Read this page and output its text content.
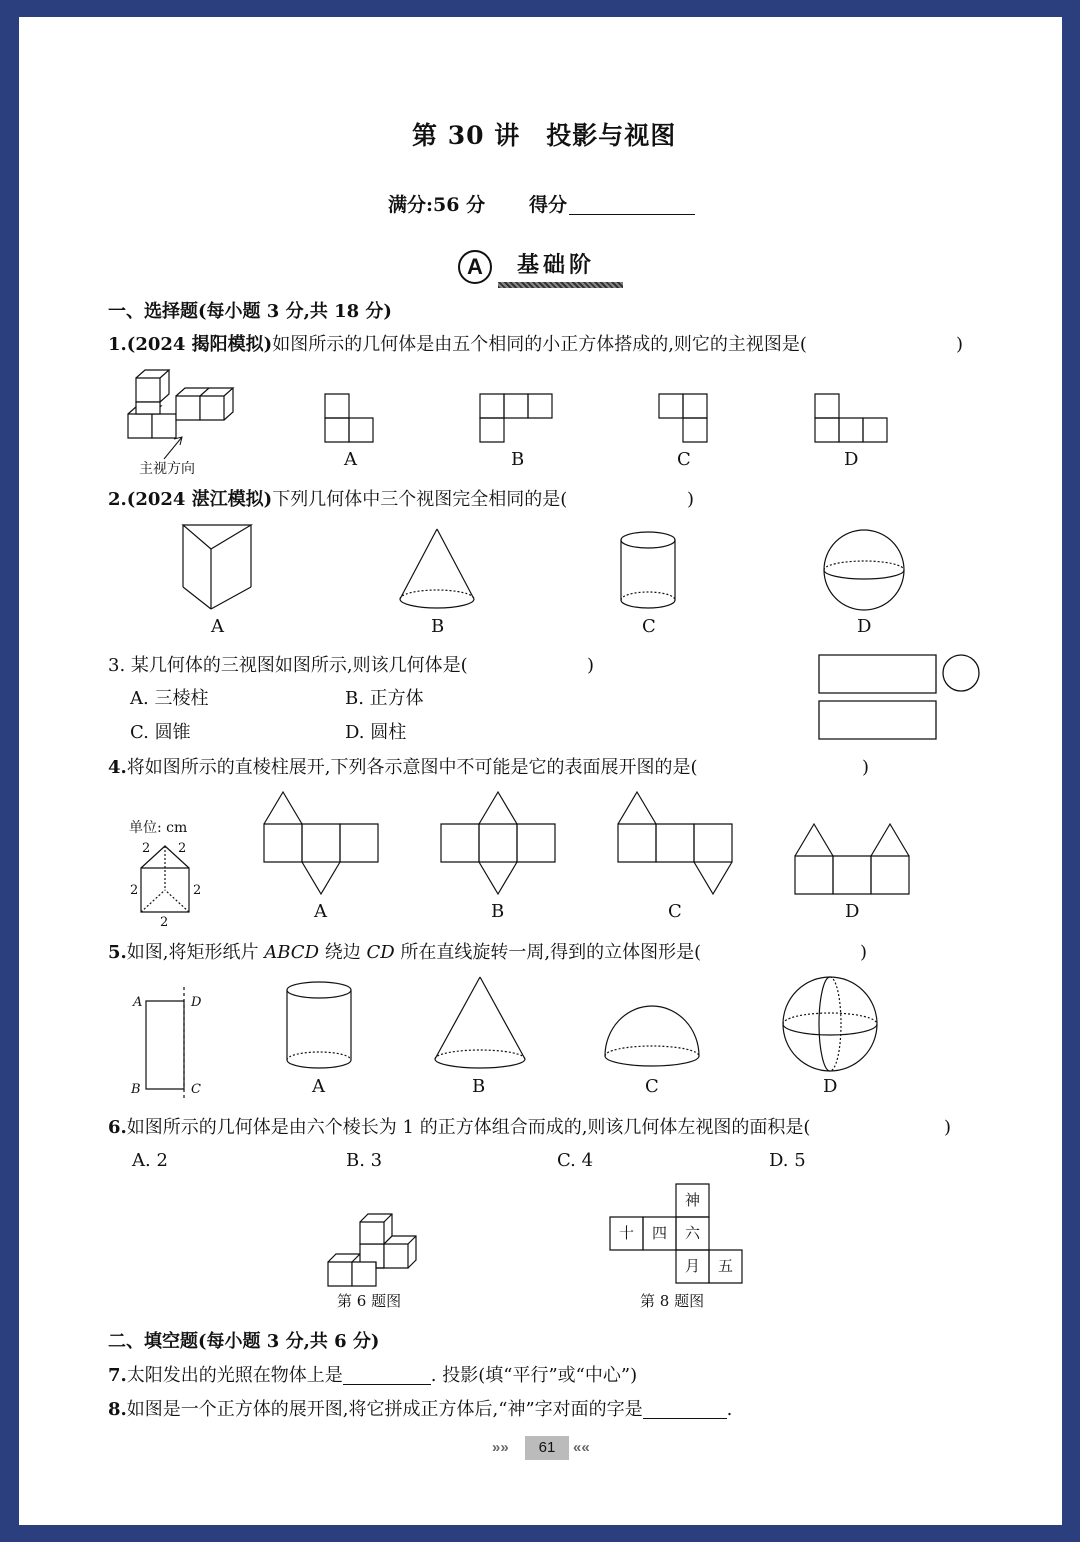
第 30 讲　投影与视图
满分:56 分 得分
A	基础阶
一、选择题(每小题 3 分,共 18 分)
1.(2024 揭阳模拟)如图所示的几何体是由五个相同的小正方体搭成的,则它的主视图是(	)
主视方向	A	B	C	D
2.(2024 湛江模拟)下列几何体中三个视图完全相同的是(	)
A	B	C	D
3. 某几何体的三视图如图所示,则该几何体是(	)
A. 三棱柱	B. 正方体
C. 圆锥	D. 圆柱
4.将如图所示的直棱柱展开,下列各示意图中不可能是它的表面展开图的是(	)
单位: cm
2 2
2	2
2
A	B	C	D
5.如图,将矩形纸片 ABCD 绕边 CD 所在直线旋转一周,得到的立体图形是(	)
A	D
B	C	A	B	C	D
6.如图所示的几何体是由六个棱长为 1 的正方体组合而成的,则该几何体左视图的面积是(	)
A. 2	B. 3	C. 4	D. 5
第 6 题图
神
十 四 六
月 五
第 8 题图
二、填空题(每小题 3 分,共 6 分)
7.太阳发出的光照在物体上是	. 投影(填“平行”或“中心”)
8.如图是一个正方体的展开图,将它拼成正方体后,“神”字对面的字是	.
»»	61	««
